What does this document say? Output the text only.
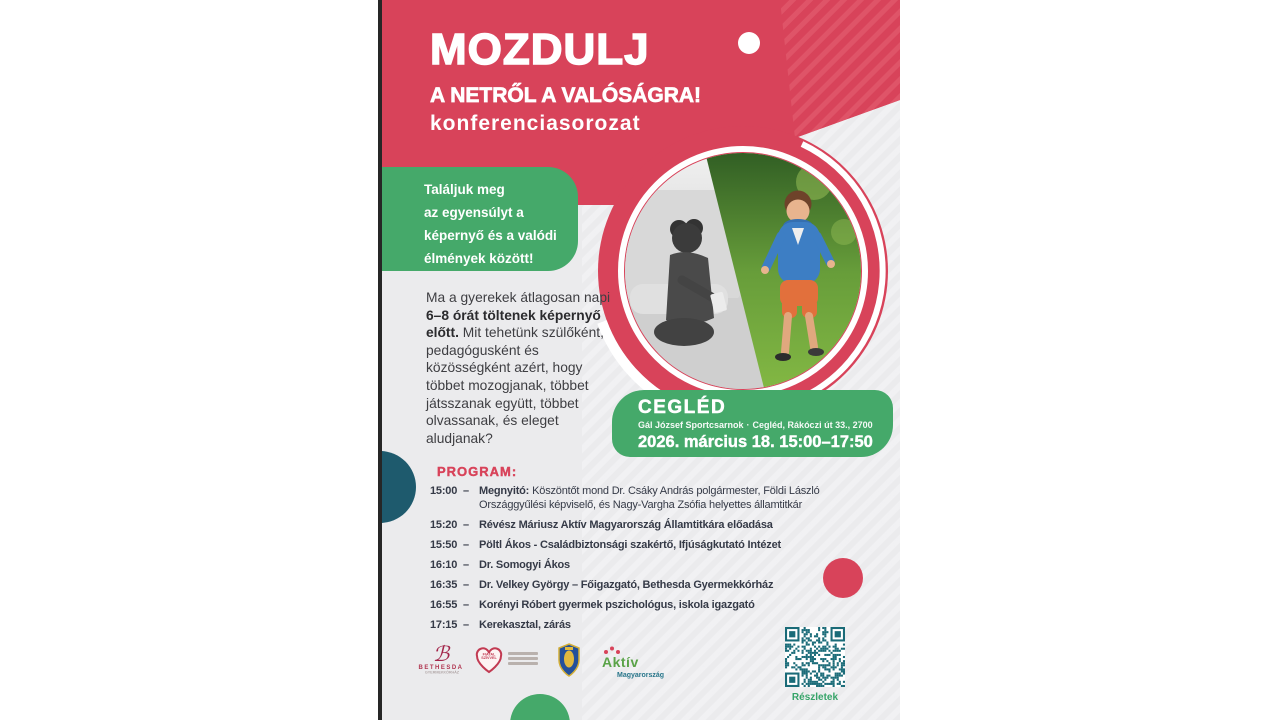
MOZDULJ
A NETRŐL A VALÓSÁGRA!
konferenciasorozat
Találjuk meg
az egyensúlyt a
képernyő és a valódi
élmények között!
Ma a gyerekek átlagosan napi 6–8 órát töltenek képernyő előtt. Mit tehetünk szülőként, pedagógusként és közösségként azért, hogy többet mozogjanak, többet játsszanak együtt, többet olvassanak, és eleget aludjanak?
CEGLÉD
Gál József Sportcsarnok · Cegléd, Rákóczi út 33., 2700
2026. március 18. 15:00–17:50
PROGRAM:
15:00 – Megnyitó: Köszöntőt mond Dr. Csáky András polgármester, Földi László Országgyűlési képviselő, és Nagy-Vargha Zsófia helyettes államtitkár
15:20 – Révész Máriusz Aktív Magyarország Államtitkára előadása
15:50 – Pöltl Ákos - Családbiztonsági szakértő, Ifjúságkutató Intézet
16:10 – Dr. Somogyi Ákos
16:35 – Dr. Velkey György – Főigazgató, Bethesda Gyermekkórház
16:55 – Korényi Róbert gyermek pszichológus, iskola igazgató
17:15 – Kerekasztal, zárás
ℬ
BETHESDA
GYERMEKKÓRHÁZ
FIATAL
SZÍVVEL	Aktív
Magyarország
Részletek
